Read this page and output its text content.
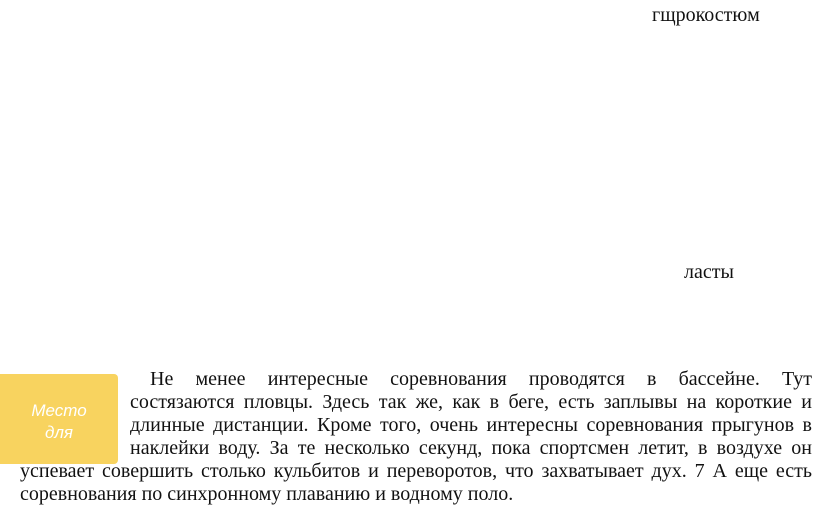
гщрокостюм
ласты
Место
для
Не менее интересные соревнования проводятся в бассейне. Тут
состязаются пловцы. Здесь так же, как в беге, есть заплывы на короткие и
длинные дистанции. Кроме того, очень интересны соревнования прыгунов в
наклейки воду. За те несколько секунд, пока спортсмен летит, в воздухе он
успевает совершить столько кульбитов и переворотов, что захватывает дух. 7 А еще есть
соревнования по синхронному плаванию и водному поло.
